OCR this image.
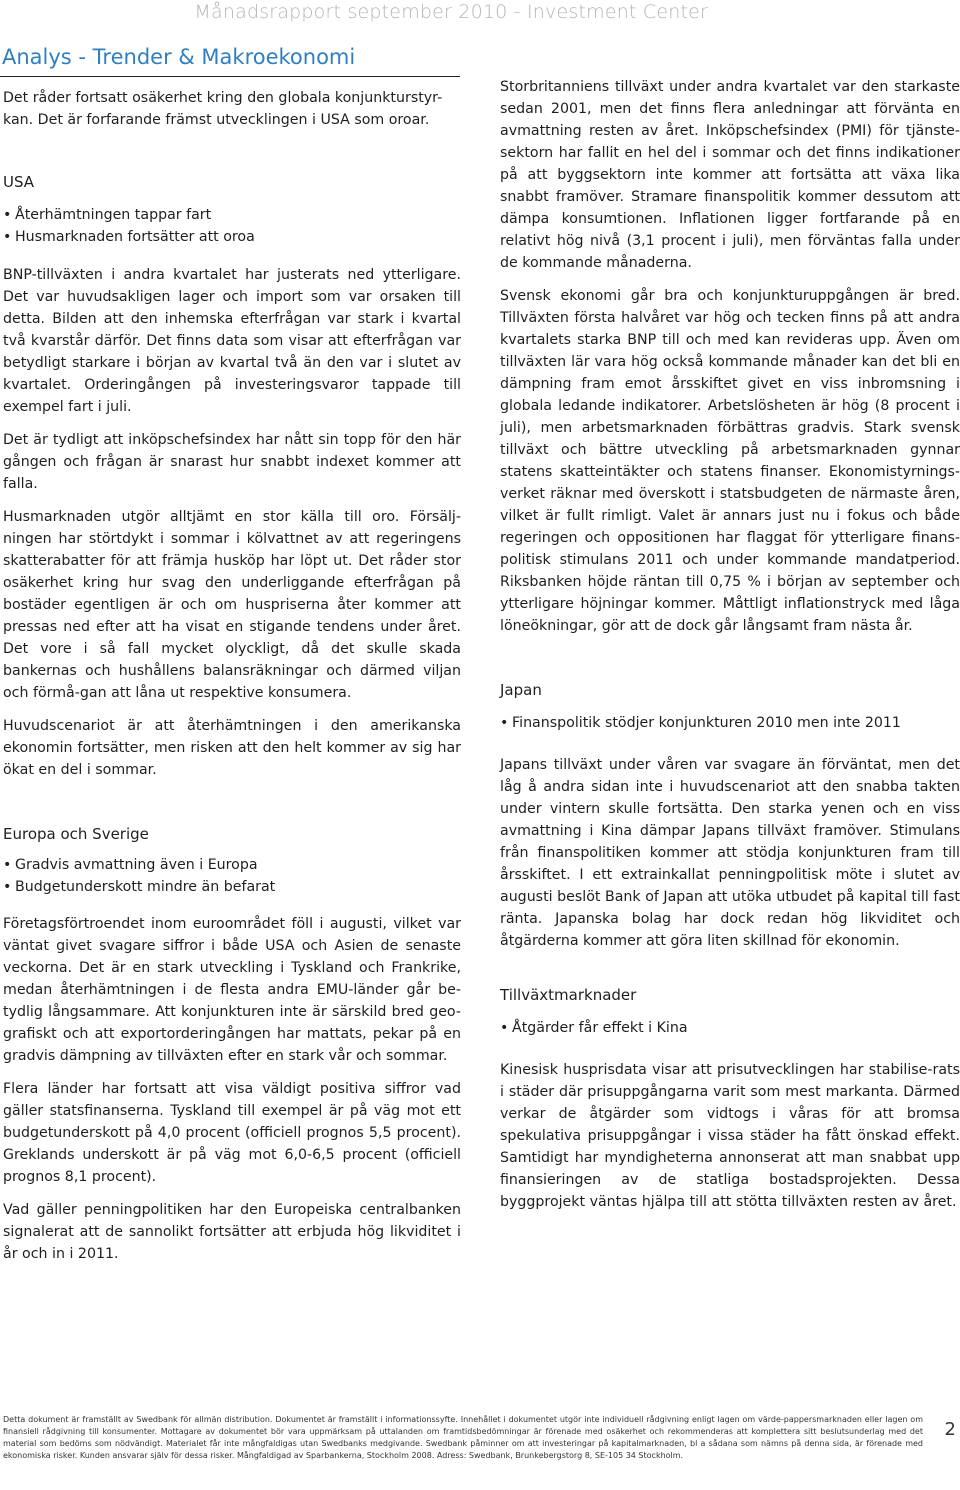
Månadsrapport september 2010 - Investment Center
Analys - Trender & Makroekonomi

Det råder fortsatt osäkerhet kring den globala konjunkturstyr-kan. Det är forfarande främst utvecklingen i USA som oroar.

USA
• Återhämtningen tappar fart
• Husmarknaden fortsätter att oroa

BNP-tillväxten i andra kvartalet har justerats ned ytterligare. Det var huvudsakligen lager och import som var orsaken till detta. Bilden att den inhemska efterfrågan var stark i kvartal två kvarstår därför. Det finns data som visar att efterfrågan var betydligt starkare i början av kvartal två än den var i slutet av kvartalet. Orderingången på investeringsvaror tappade till exempel fart i juli.

Det är tydligt att inköpschefsindex har nått sin topp för den här gången och frågan är snarast hur snabbt indexet kommer att falla.

Husmarknaden utgör alltjämt en stor källa till oro. Försälj-ningen har störtdykt i sommar i kölvattnet av att regeringens skatterabatter för att främja husköp har löpt ut. Det råder stor osäkerhet kring hur svag den underliggande efterfrågan på bostäder egentligen är och om huspriserna åter kommer att pressas ned efter att ha visat en stigande tendens under året. Det vore i så fall mycket olyckligt, då det skulle skada bankernas och hushållens balansräkningar och därmed viljan och förmå-gan att låna ut respektive konsumera.

Huvudscenariot är att återhämtningen i den amerikanska ekonomin fortsätter, men risken att den helt kommer av sig har ökat en del i sommar.

Europa och Sverige
• Gradvis avmattning även i Europa
• Budgetunderskott mindre än befarat

Företagsförtroendet inom euroområdet föll i augusti, vilket var väntat givet svagare siffror i både USA och Asien de senaste veckorna. Det är en stark utveckling i Tyskland och Frankrike, medan återhämtningen i de flesta andra EMU-länder går be-tydlig långsammare. Att konjunkturen inte är särskild bred geo-grafiskt och att exportorderingången har mattats, pekar på en gradvis dämpning av tillväxten efter en stark vår och sommar.

Flera länder har fortsatt att visa väldigt positiva siffror vad gäller statsfinanserna. Tyskland till exempel är på väg mot ett budgetunderskott på 4,0 procent (officiell prognos 5,5 procent). Greklands underskott är på väg mot 6,0-6,5 procent (officiell prognos 8,1 procent).

Vad gäller penningpolitiken har den Europeiska centralbanken signalerat att de sannolikt fortsätter att erbjuda hög likviditet i år och in i 2011.

Storbritanniens tillväxt under andra kvartalet var den starkaste sedan 2001, men det finns flera anledningar att förvänta en avmattning resten av året. Inköpschefsindex (PMI) för tjänste-sektorn har fallit en hel del i sommar och det finns indikationer på att byggsektorn inte kommer att fortsätta att växa lika snabbt framöver. Stramare finanspolitik kommer dessutom att dämpa konsumtionen. Inflationen ligger fortfarande på en relativt hög nivå (3,1 procent i juli), men förväntas falla under de kommande månaderna.

Svensk ekonomi går bra och konjunkturuppgången är bred. Tillväxten första halvåret var hög och tecken finns på att andra kvartalets starka BNP till och med kan revideras upp. Även om tillväxten lär vara hög också kommande månader kan det bli en dämpning fram emot årsskiftet givet en viss inbromsning i globala ledande indikatorer. Arbetslösheten är hög (8 procent i juli), men arbetsmarknaden förbättras gradvis. Stark svensk tillväxt och bättre utveckling på arbetsmarknaden gynnar statens skatteintäkter och statens finanser. Ekonomistyrnings-verket räknar med överskott i statsbudgeten de närmaste åren, vilket är fullt rimligt. Valet är annars just nu i fokus och både regeringen och oppositionen har flaggat för ytterligare finans-politisk stimulans 2011 och under kommande mandatperiod. Riksbanken höjde räntan till 0,75 % i början av september och ytterligare höjningar kommer. Måttligt inflationstryck med låga löneökningar, gör att de dock går långsamt fram nästa år.

Japan
• Finanspolitik stödjer konjunkturen 2010 men inte 2011

Japans tillväxt under våren var svagare än förväntat, men det låg å andra sidan inte i huvudscenariot att den snabba takten under vintern skulle fortsätta. Den starka yenen och en viss avmattning i Kina dämpar Japans tillväxt framöver. Stimulans från finanspolitiken kommer att stödja konjunkturen fram till årsskiftet. I ett extrainkallat penningpolitisk möte i slutet av augusti beslöt Bank of Japan att utöka utbudet på kapital till fast ränta. Japanska bolag har dock redan hög likviditet och åtgärderna kommer att göra liten skillnad för ekonomin.

Tillväxtmarknader
• Åtgärder får effekt i Kina

Kinesisk husprisdata visar att prisutvecklingen har stabilise-rats i städer där prisuppgångarna varit som mest markanta. Därmed verkar de åtgärder som vidtogs i våras för att bromsa spekulativa prisuppgångar i vissa städer ha fått önskad effekt. Samtidigt har myndigheterna annonserat att man snabbat upp finansieringen av de statliga bostadsprojekten. Dessa byggprojekt väntas hjälpa till att stötta tillväxten resten av året.

Detta dokument är framställt av Swedbank för allmän distribution. Dokumentet är framställt i informationssyfte. Innehållet i dokumentet utgör inte individuell rådgivning enligt lagen om värde-pappersmarknaden eller lagen om finansiell rådgivning till konsumenter. Mottagare av dokumentet bör vara uppmärksam på uttalanden om framtidsbedömningar är förenade med osäkerhet och rekommenderas att komplettera sitt beslutsunderlag med det material som bedöms som nödvändigt. Materialet får inte mångfaldigas utan Swedbanks medgivande. Swedbank påminner om att investeringar på kapitalmarknaden, bl a sådana som nämns på denna sida, är förenade med ekonomiska risker. Kunden ansvarar själv för dessa risker. Mångfaldigad av Sparbankerna, Stockholm 2008. Adress: Swedbank, Brunkebergstorg 8, SE-105 34 Stockholm.
2
